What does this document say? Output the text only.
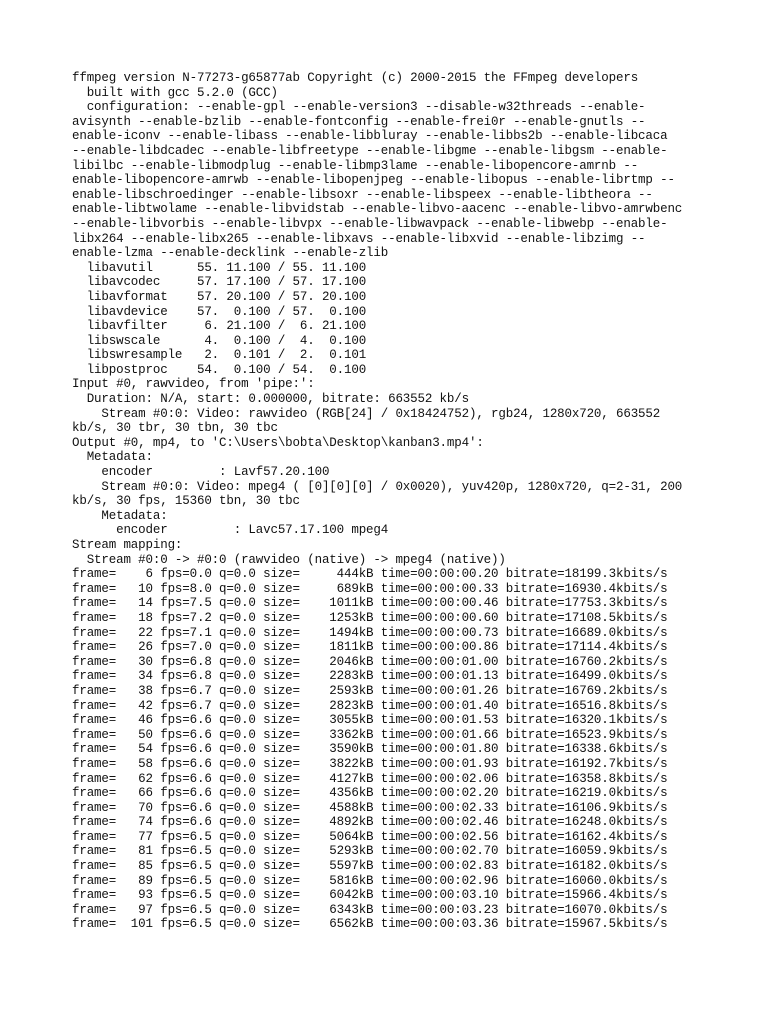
ffmpeg version N-77273-g65877ab Copyright (c) 2000-2015 the FFmpeg developers
built with gcc 5.2.0 (GCC)
configuration: --enable-gpl --enable-version3 --disable-w32threads --enable-
avisynth --enable-bzlib --enable-fontconfig --enable-frei0r --enable-gnutls --
enable-iconv --enable-libass --enable-libbluray --enable-libbs2b --enable-libcaca
--enable-libdcadec --enable-libfreetype --enable-libgme --enable-libgsm --enable-
libilbc --enable-libmodplug --enable-libmp3lame --enable-libopencore-amrnb --
enable-libopencore-amrwb --enable-libopenjpeg --enable-libopus --enable-librtmp --
enable-libschroedinger --enable-libsoxr --enable-libspeex --enable-libtheora --
enable-libtwolame --enable-libvidstab --enable-libvo-aacenc --enable-libvo-amrwbenc
--enable-libvorbis --enable-libvpx --enable-libwavpack --enable-libwebp --enable-
libx264 --enable-libx265 --enable-libxavs --enable-libxvid --enable-libzimg --
enable-lzma --enable-decklink --enable-zlib
libavutil      55. 11.100 / 55. 11.100
libavcodec     57. 17.100 / 57. 17.100
libavformat    57. 20.100 / 57. 20.100
libavdevice    57.  0.100 / 57.  0.100
libavfilter     6. 21.100 /  6. 21.100
libswscale      4.  0.100 /  4.  0.100
libswresample   2.  0.101 /  2.  0.101
libpostproc    54.  0.100 / 54.  0.100
Input #0, rawvideo, from 'pipe:':
Duration: N/A, start: 0.000000, bitrate: 663552 kb/s
Stream #0:0: Video: rawvideo (RGB[24] / 0x18424752), rgb24, 1280x720, 663552
kb/s, 30 tbr, 30 tbn, 30 tbc
Output #0, mp4, to 'C:\Users\bobta\Desktop\kanban3.mp4':
Metadata:
encoder         : Lavf57.20.100
Stream #0:0: Video: mpeg4 ( [0][0][0] / 0x0020), yuv420p, 1280x720, q=2-31, 200
kb/s, 30 fps, 15360 tbn, 30 tbc
Metadata:
encoder         : Lavc57.17.100 mpeg4
Stream mapping:
Stream #0:0 -> #0:0 (rawvideo (native) -> mpeg4 (native))
frame=    6 fps=0.0 q=0.0 size=     444kB time=00:00:00.20 bitrate=18199.3kbits/s
frame=   10 fps=8.0 q=0.0 size=     689kB time=00:00:00.33 bitrate=16930.4kbits/s
frame=   14 fps=7.5 q=0.0 size=    1011kB time=00:00:00.46 bitrate=17753.3kbits/s
frame=   18 fps=7.2 q=0.0 size=    1253kB time=00:00:00.60 bitrate=17108.5kbits/s
frame=   22 fps=7.1 q=0.0 size=    1494kB time=00:00:00.73 bitrate=16689.0kbits/s
frame=   26 fps=7.0 q=0.0 size=    1811kB time=00:00:00.86 bitrate=17114.4kbits/s
frame=   30 fps=6.8 q=0.0 size=    2046kB time=00:00:01.00 bitrate=16760.2kbits/s
frame=   34 fps=6.8 q=0.0 size=    2283kB time=00:00:01.13 bitrate=16499.0kbits/s
frame=   38 fps=6.7 q=0.0 size=    2593kB time=00:00:01.26 bitrate=16769.2kbits/s
frame=   42 fps=6.7 q=0.0 size=    2823kB time=00:00:01.40 bitrate=16516.8kbits/s
frame=   46 fps=6.6 q=0.0 size=    3055kB time=00:00:01.53 bitrate=16320.1kbits/s
frame=   50 fps=6.6 q=0.0 size=    3362kB time=00:00:01.66 bitrate=16523.9kbits/s
frame=   54 fps=6.6 q=0.0 size=    3590kB time=00:00:01.80 bitrate=16338.6kbits/s
frame=   58 fps=6.6 q=0.0 size=    3822kB time=00:00:01.93 bitrate=16192.7kbits/s
frame=   62 fps=6.6 q=0.0 size=    4127kB time=00:00:02.06 bitrate=16358.8kbits/s
frame=   66 fps=6.6 q=0.0 size=    4356kB time=00:00:02.20 bitrate=16219.0kbits/s
frame=   70 fps=6.6 q=0.0 size=    4588kB time=00:00:02.33 bitrate=16106.9kbits/s
frame=   74 fps=6.6 q=0.0 size=    4892kB time=00:00:02.46 bitrate=16248.0kbits/s
frame=   77 fps=6.5 q=0.0 size=    5064kB time=00:00:02.56 bitrate=16162.4kbits/s
frame=   81 fps=6.5 q=0.0 size=    5293kB time=00:00:02.70 bitrate=16059.9kbits/s
frame=   85 fps=6.5 q=0.0 size=    5597kB time=00:00:02.83 bitrate=16182.0kbits/s
frame=   89 fps=6.5 q=0.0 size=    5816kB time=00:00:02.96 bitrate=16060.0kbits/s
frame=   93 fps=6.5 q=0.0 size=    6042kB time=00:00:03.10 bitrate=15966.4kbits/s
frame=   97 fps=6.5 q=0.0 size=    6343kB time=00:00:03.23 bitrate=16070.0kbits/s
frame=  101 fps=6.5 q=0.0 size=    6562kB time=00:00:03.36 bitrate=15967.5kbits/s
